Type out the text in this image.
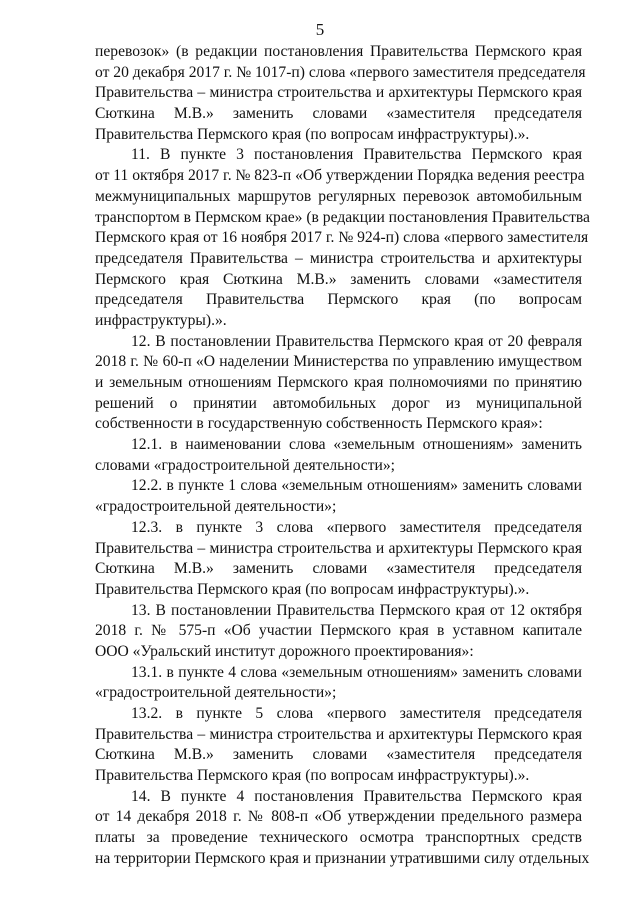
5
перевозок» (в редакции постановления Правительства Пермского края
от 20 декабря 2017 г. № 1017-п) слова «первого заместителя председателя
Правительства – министра строительства и архитектуры Пермского края
Сюткина М.В.» заменить словами «заместителя председателя
Правительства Пермского края (по вопросам инфраструктуры).».
11. В пункте 3 постановления Правительства Пермского края
от 11 октября 2017 г. № 823-п «Об утверждении Порядка ведения реестра
межмуниципальных маршрутов регулярных перевозок автомобильным
транспортом в Пермском крае» (в редакции постановления Правительства
Пермского края от 16 ноября 2017 г. № 924-п) слова «первого заместителя
председателя Правительства – министра строительства и архитектуры
Пермского края Сюткина М.В.» заменить словами «заместителя
председателя Правительства Пермского края (по вопросам
инфраструктуры).».
12. В постановлении Правительства Пермского края от 20 февраля
2018 г. № 60-п «О наделении Министерства по управлению имуществом
и земельным отношениям Пермского края полномочиями по принятию
решений о принятии автомобильных дорог из муниципальной
собственности в государственную собственность Пермского края»:
12.1. в наименовании слова «земельным отношениям» заменить
словами «градостроительной деятельности»;
12.2. в пункте 1 слова «земельным отношениям» заменить словами
«градостроительной деятельности»;
12.3. в пункте 3 слова «первого заместителя председателя
Правительства – министра строительства и архитектуры Пермского края
Сюткина М.В.» заменить словами «заместителя председателя
Правительства Пермского края (по вопросам инфраструктуры).».
13. В постановлении Правительства Пермского края от 12 октября
2018 г. № 575-п «Об участии Пермского края в уставном капитале
ООО «Уральский институт дорожного проектирования»:
13.1. в пункте 4 слова «земельным отношениям» заменить словами
«градостроительной деятельности»;
13.2. в пункте 5 слова «первого заместителя председателя
Правительства – министра строительства и архитектуры Пермского края
Сюткина М.В.» заменить словами «заместителя председателя
Правительства Пермского края (по вопросам инфраструктуры).».
14. В пункте 4 постановления Правительства Пермского края
от 14 декабря 2018 г. № 808-п «Об утверждении предельного размера
платы за проведение технического осмотра транспортных средств
на территории Пермского края и признании утратившими силу отдельных
